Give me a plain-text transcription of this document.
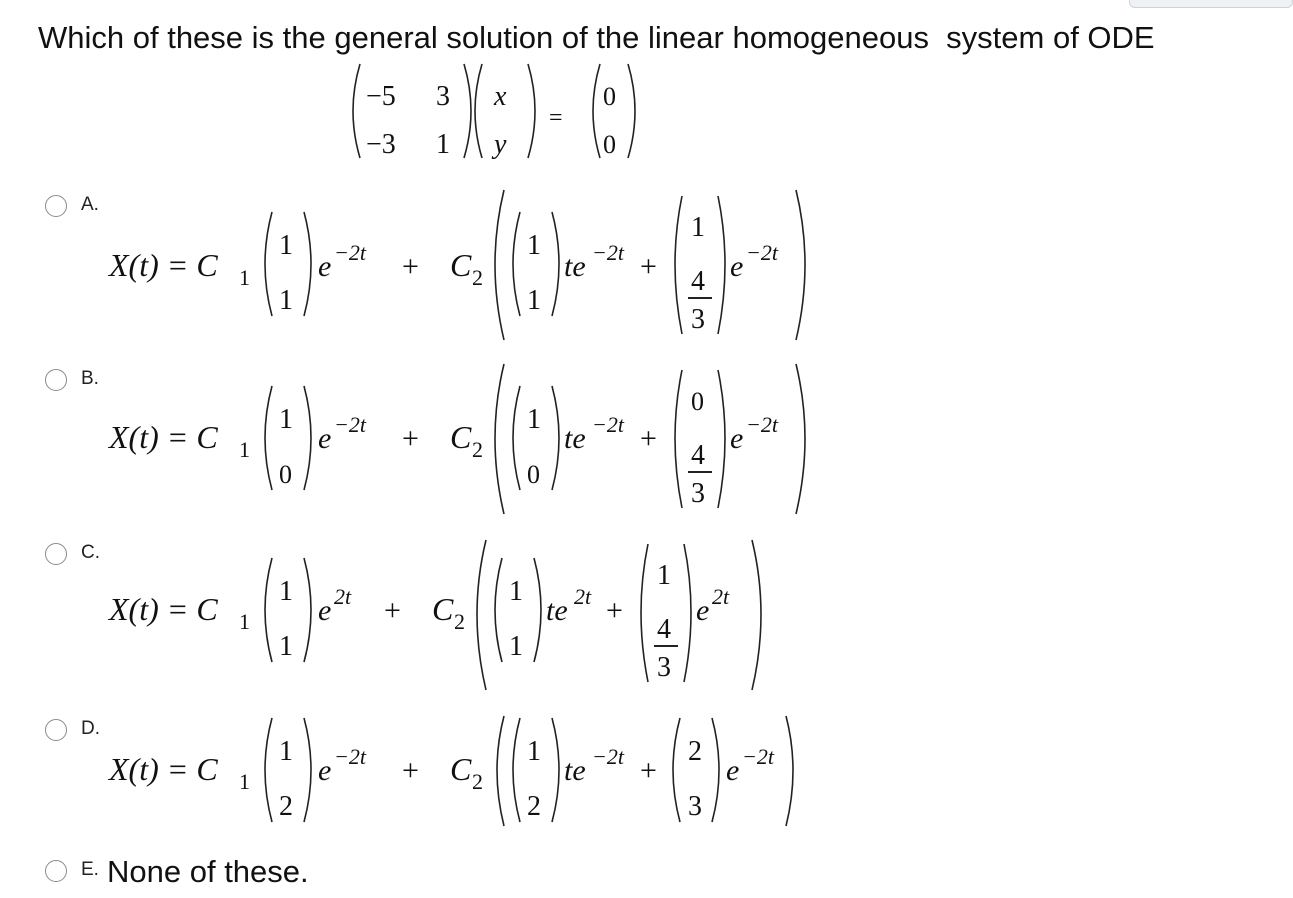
Which of these is the general solution of the linear homogeneous  system of ODE
A.
B.
C.
D.
E. None of these.
−5 3
−3 1
x
y
=
0
0
X(t) = C 1
1
1
e −2t + C 2
1
1
te −2t +
1
4
3
e −2t
X(t) = C 1
1
0
e −2t + C 2
1
0
te −2t +
0
4
3
e −2t
X(t) = C 1
1
1
e 2t + C 2
1
1
te 2t +
1
4
3
e 2t
X(t) = C 1
1
2
e −2t + C 2
1
2
te −2t +
2
3
e −2t
